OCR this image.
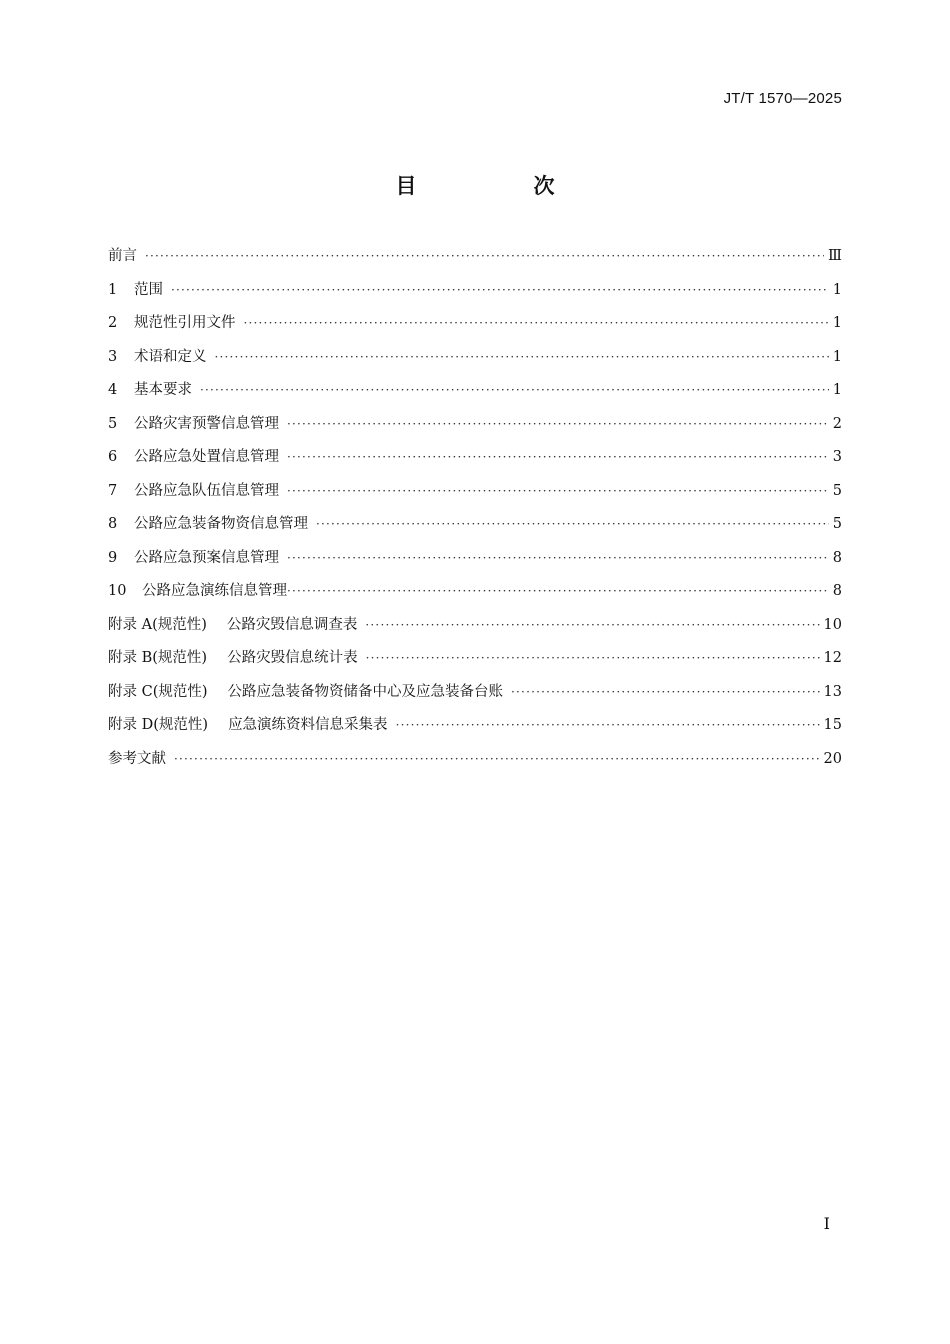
JT/T 1570—2025
目　次
前言 ·····	Ⅲ
1	范围 ·····	1
2	规范性引用文件 ·····	1
3	术语和定义 ·····	1
4	基本要求 ·····	1
5	公路灾害预警信息管理 ·····	2
6	公路应急处置信息管理 ·····	3
7	公路应急队伍信息管理 ·····	5
8	公路应急装备物资信息管理 ·····	5
9	公路应急预案信息管理 ·····	8
10	公路应急演练信息管理 ·····	8
附录 A(规范性) 公路灾毁信息调查表 ·····	10
附录 B(规范性) 公路灾毁信息统计表 ·····	12
附录 C(规范性) 公路应急装备物资储备中心及应急装备台账 ·····	13
附录 D(规范性) 应急演练资料信息采集表 ·····	15
参考文献 ·····	20
Ⅰ
